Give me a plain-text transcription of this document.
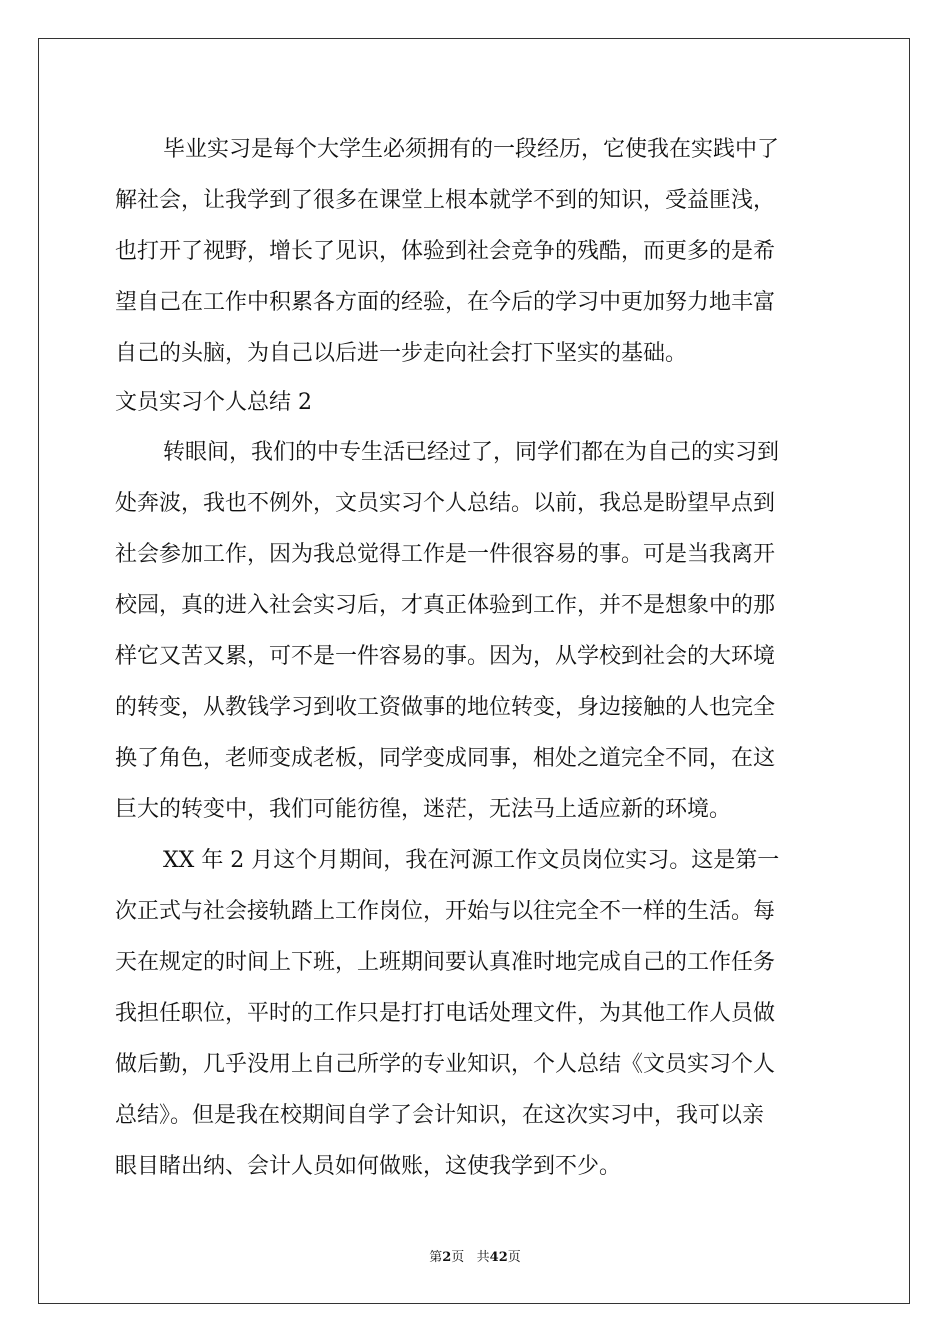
毕业实习是每个大学生必须拥有的一段经历，它使我在实践中了
解社会，让我学到了很多在课堂上根本就学不到的知识，受益匪浅，
也打开了视野，增长了见识，体验到社会竞争的残酷，而更多的是希
望自己在工作中积累各方面的经验，在今后的学习中更加努力地丰富
自己的头脑，为自己以后进一步走向社会打下坚实的基础。
文员实习个人总结 2
转眼间，我们的中专生活已经过了，同学们都在为自己的实习到
处奔波，我也不例外，文员实习个人总结。以前，我总是盼望早点到
社会参加工作，因为我总觉得工作是一件很容易的事。可是当我离开
校园，真的进入社会实习后，才真正体验到工作，并不是想象中的那
样它又苦又累，可不是一件容易的事。因为，从学校到社会的大环境
的转变，从教钱学习到收工资做事的地位转变，身边接触的人也完全
换了角色，老师变成老板，同学变成同事，相处之道完全不同，在这
巨大的转变中，我们可能彷徨，迷茫，无法马上适应新的环境。
XX 年 2 月这个月期间，我在河源工作文员岗位实习。这是第一
次正式与社会接轨踏上工作岗位，开始与以往完全不一样的生活。每
天在规定的时间上下班，上班期间要认真准时地完成自己的工作任务
我担任职位，平时的工作只是打打电话处理文件，为其他工作人员做
做后勤，几乎没用上自己所学的专业知识，个人总结《文员实习个人
总结》。但是我在校期间自学了会计知识，在这次实习中，我可以亲
眼目睹出纳、会计人员如何做账，这使我学到不少。
第2页   共42页
